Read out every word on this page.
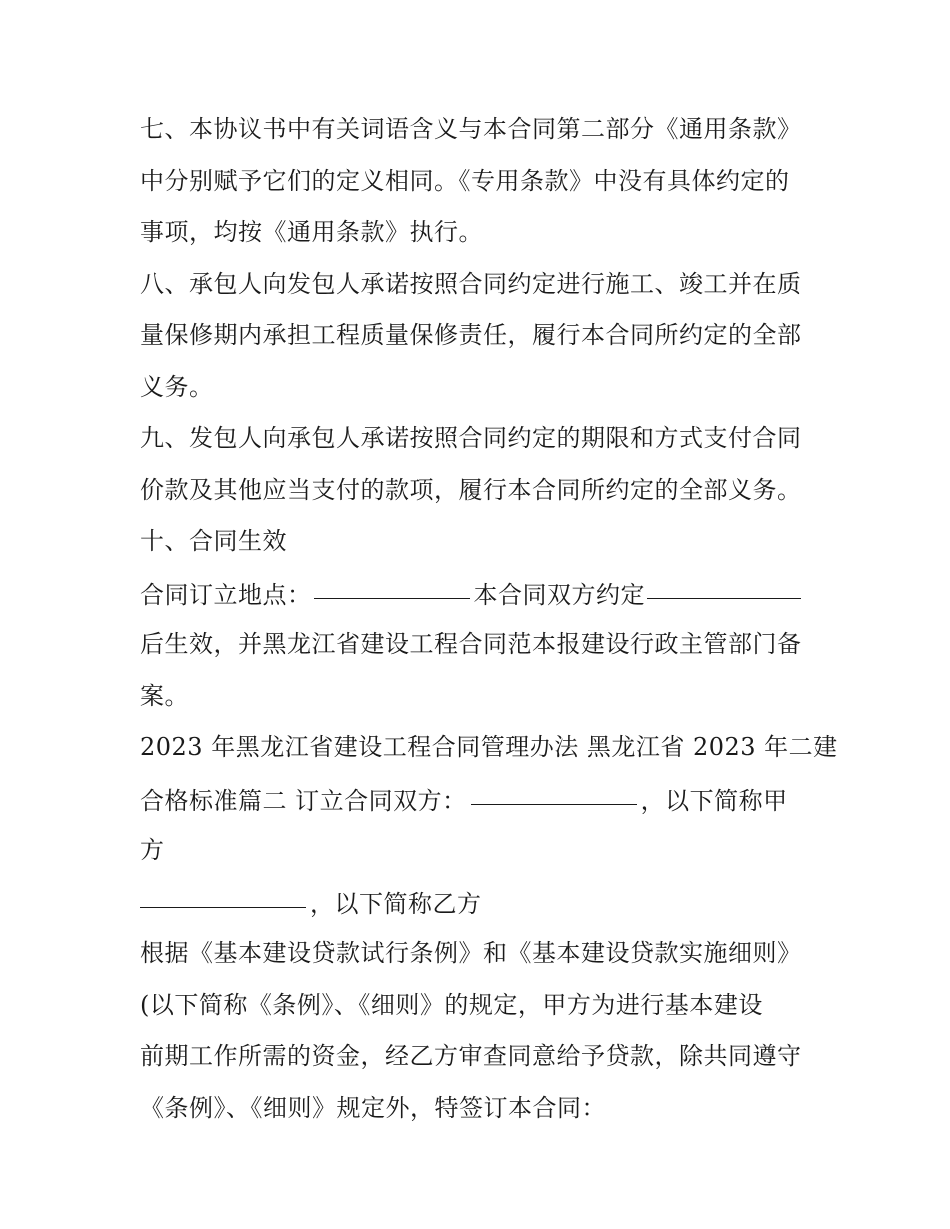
七、本协议书中有关词语含义与本合同第二部分《通用条款》
中分别赋予它们的定义相同。《专用条款》中没有具体约定的
事项，均按《通用条款》执行。
八、承包人向发包人承诺按照合同约定进行施工、竣工并在质
量保修期内承担工程质量保修责任，履行本合同所约定的全部
义务。
九、发包人向承包人承诺按照合同约定的期限和方式支付合同
价款及其他应当支付的款项，履行本合同所约定的全部义务。
十、合同生效
合同订立地点：	本合同双方约定
后生效，并黑龙江省建设工程合同范本报建设行政主管部门备
案。
2023 年黑龙江省建设工程合同管理办法 黑龙江省 2023 年二建
合格标准篇二 订立合同双方：	，以下简称甲
方
，以下简称乙方
根据《基本建设贷款试行条例》和《基本建设贷款实施细则》
(以下简称《条例》、《细则》的规定，甲方为进行基本建设
前期工作所需的资金，经乙方审查同意给予贷款，除共同遵守
《条例》、《细则》规定外，特签订本合同：
